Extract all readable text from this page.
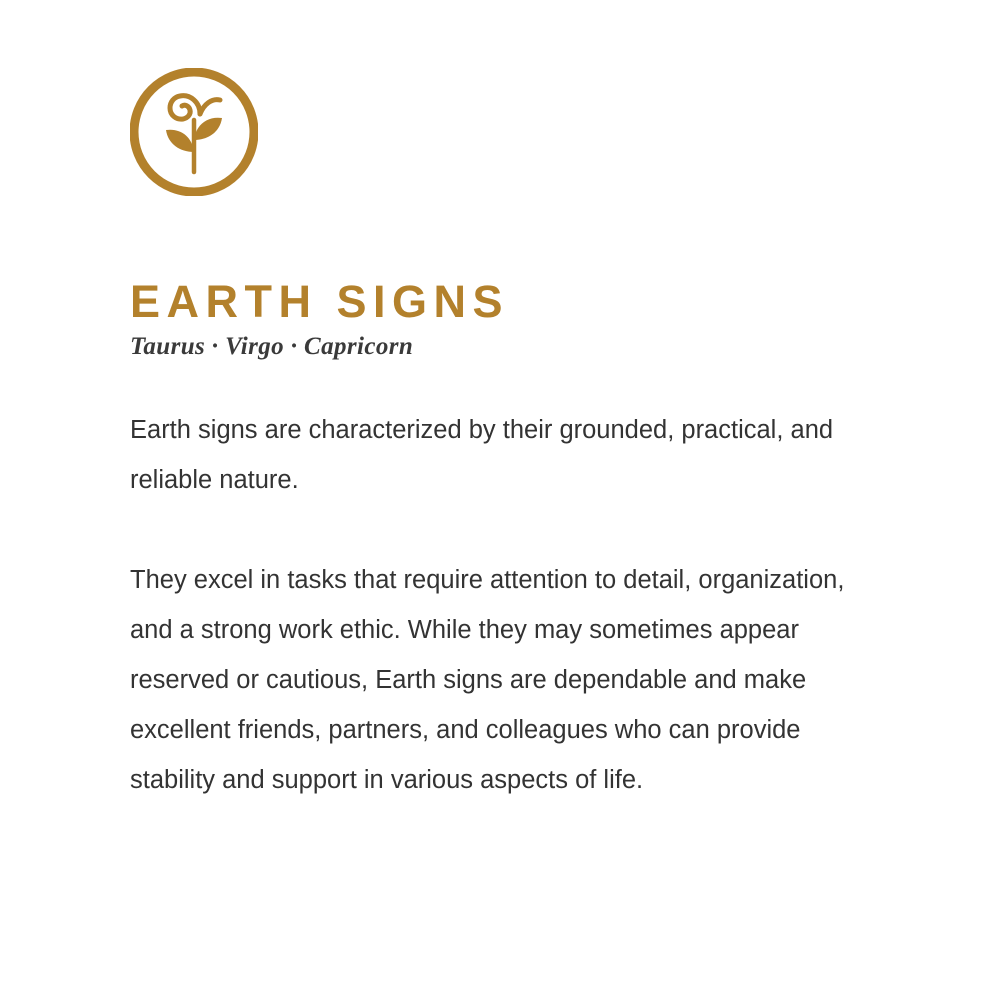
EARTH SIGNS
Taurus · Virgo · Capricorn

Earth signs are characterized by their grounded, practical, and reliable nature.

They excel in tasks that require attention to detail, organization, and a strong work ethic. While they may sometimes appear reserved or cautious, Earth signs are dependable and make excellent friends, partners, and colleagues who can provide stability and support in various aspects of life.
